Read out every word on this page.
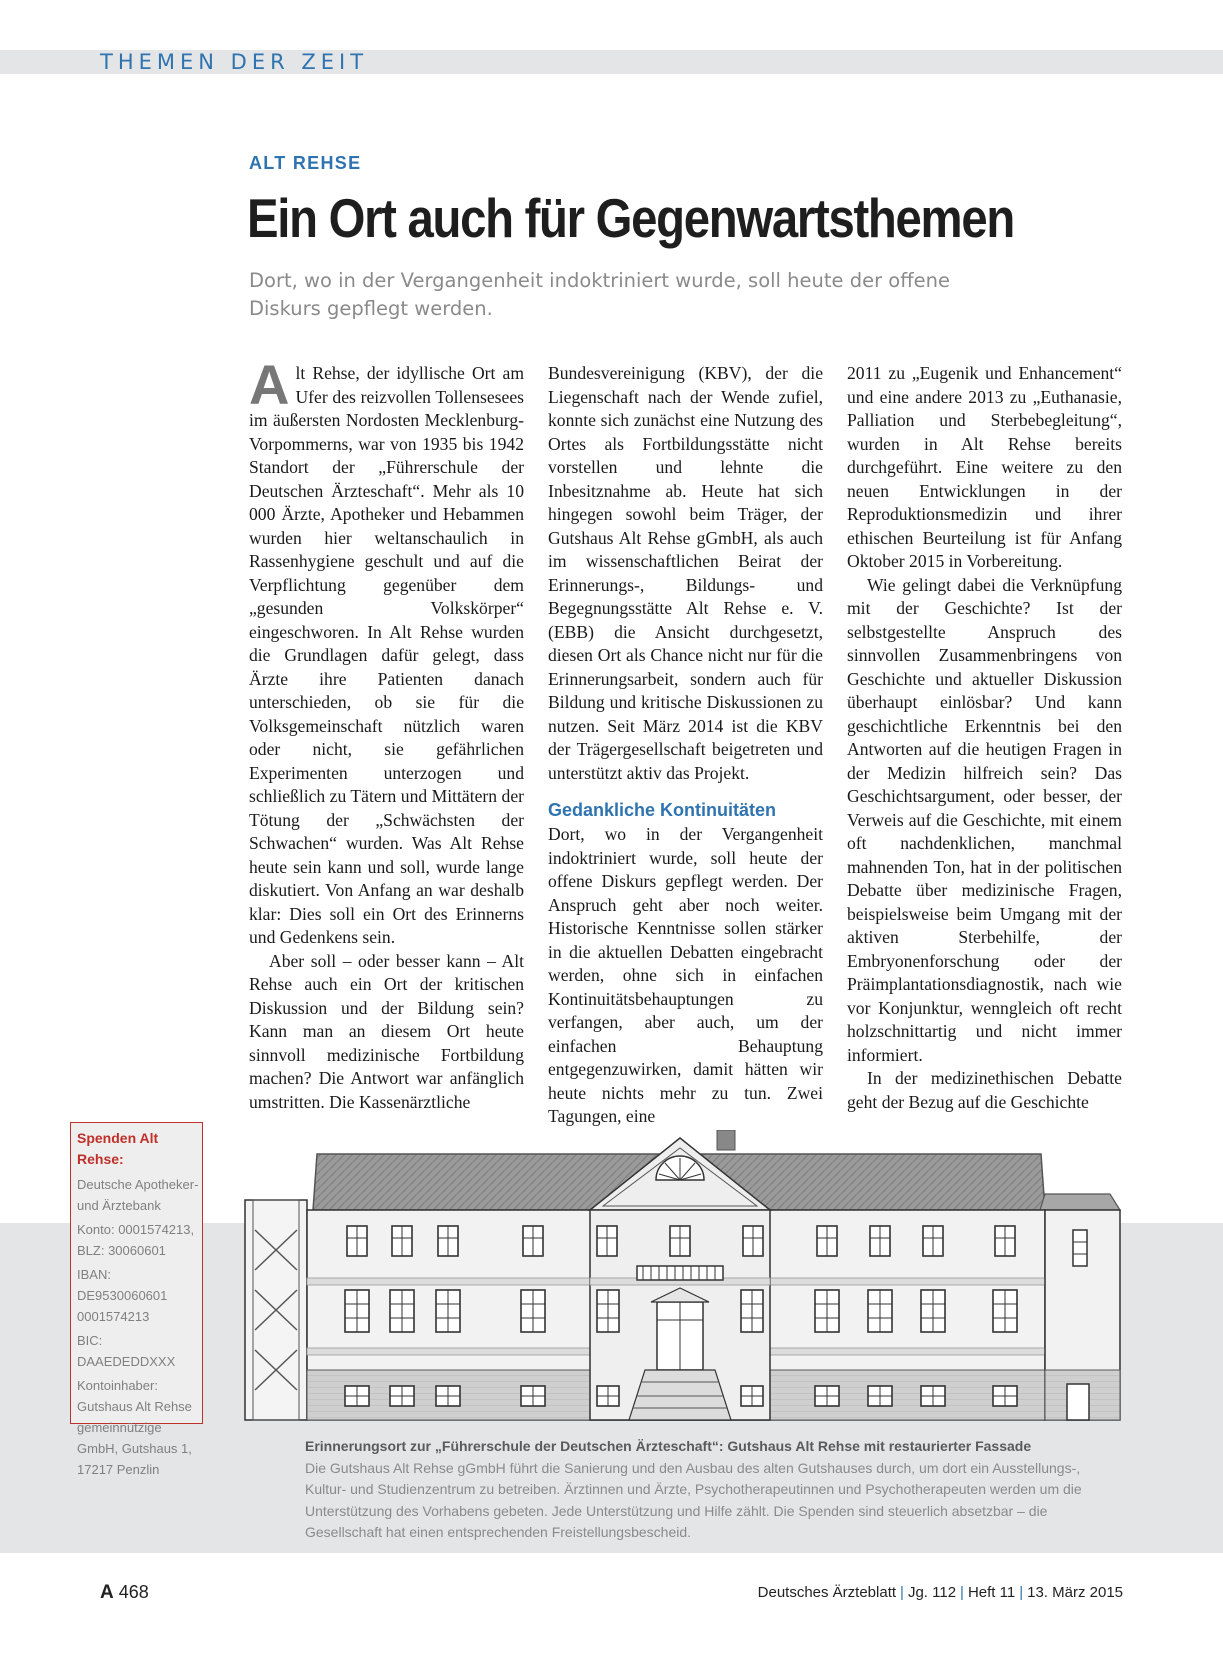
THEMEN DER ZEIT
ALT REHSE
Ein Ort auch für Gegenwartsthemen
Dort, wo in der Vergangenheit indoktriniert wurde, soll heute der offene Diskurs gepflegt werden.

Alt Rehse, der idyllische Ort am Ufer des reizvollen Tollensesees im äußersten Nordosten Mecklenburg-Vorpommerns, war von 1935 bis 1942 Standort der „Führerschule der Deutschen Ärzteschaft“. Mehr als 10 000 Ärzte, Apotheker und Hebammen wurden hier weltanschaulich in Rassenhygiene geschult und auf die Verpflichtung gegenüber dem „gesunden Volkskörper“ eingeschworen. In Alt Rehse wurden die Grundlagen dafür gelegt, dass Ärzte ihre Patienten danach unterschieden, ob sie für die Volksgemeinschaft nützlich waren oder nicht, sie gefährlichen Experimenten unterzogen und schließlich zu Tätern und Mittätern der Tötung der „Schwächsten der Schwachen“ wurden. Was Alt Rehse heute sein kann und soll, wurde lange diskutiert. Von Anfang an war deshalb klar: Dies soll ein Ort des Erinnerns und Gedenkens sein.

Aber soll – oder besser kann – Alt Rehse auch ein Ort der kritischen Diskussion und der Bildung sein? Kann man an diesem Ort heute sinnvoll medizinische Fortbildung machen? Die Antwort war anfänglich umstritten. Die Kassenärztliche

Bundesvereinigung (KBV), der die Liegenschaft nach der Wende zufiel, konnte sich zunächst eine Nutzung des Ortes als Fortbildungsstätte nicht vorstellen und lehnte die Inbesitznahme ab. Heute hat sich hingegen sowohl beim Träger, der Gutshaus Alt Rehse gGmbH, als auch im wissenschaftlichen Beirat der Erinnerungs-, Bildungs- und Begegnungsstätte Alt Rehse e. V. (EBB) die Ansicht durchgesetzt, diesen Ort als Chance nicht nur für die Erinnerungsarbeit, sondern auch für Bildung und kritische Diskussionen zu nutzen. Seit März 2014 ist die KBV der Trägergesellschaft beigetreten und unterstützt aktiv das Projekt.

Gedankliche Kontinuitäten

Dort, wo in der Vergangenheit indoktriniert wurde, soll heute der offene Diskurs gepflegt werden. Der Anspruch geht aber noch weiter. Historische Kenntnisse sollen stärker in die aktuellen Debatten eingebracht werden, ohne sich in einfachen Kontinuitätsbehauptungen zu verfangen, aber auch, um der einfachen Behauptung entgegenzuwirken, damit hätten wir heute nichts mehr zu tun. Zwei Tagungen, eine

2011 zu „Eugenik und Enhancement“ und eine andere 2013 zu „Euthanasie, Palliation und Sterbebegleitung“, wurden in Alt Rehse bereits durchgeführt. Eine weitere zu den neuen Entwicklungen in der Reproduktionsmedizin und ihrer ethischen Beurteilung ist für Anfang Oktober 2015 in Vorbereitung.

Wie gelingt dabei die Verknüpfung mit der Geschichte? Ist der selbstgestellte Anspruch des sinnvollen Zusammenbringens von Geschichte und aktueller Diskussion überhaupt einlösbar? Und kann geschichtliche Erkenntnis bei den Antworten auf die heutigen Fragen in der Medizin hilfreich sein? Das Geschichtsargument, oder besser, der Verweis auf die Geschichte, mit einem oft nachdenklichen, manchmal mahnenden Ton, hat in der politischen Debatte über medizinische Fragen, beispielsweise beim Umgang mit der aktiven Sterbehilfe, der Embryonenforschung oder der Präimplantationsdiagnostik, nach wie vor Konjunktur, wenngleich oft recht holzschnittartig und nicht immer informiert.

In der medizinethischen Debatte geht der Bezug auf die Geschichte

Spenden Alt Rehse:
Deutsche Apotheker- und Ärztebank
Konto: 0001574213, BLZ: 30060601
IBAN: DE9530060601 0001574213
BIC: DAAEDEDDXXX
Kontoinhaber: Gutshaus Alt Rehse gemeinnützige GmbH, Gutshaus 1, 17217 Penzlin
Erinnerungsort zur „Führerschule der Deutschen Ärzteschaft“: Gutshaus Alt Rehse mit restaurierter Fassade
Die Gutshaus Alt Rehse gGmbH führt die Sanierung und den Ausbau des alten Gutshauses durch, um dort ein Ausstellungs-, Kultur- und Studienzentrum zu betreiben. Ärztinnen und Ärzte, Psychotherapeutinnen und Psychotherapeuten werden um die Unterstützung des Vorhabens gebeten. Jede Unterstützung und Hilfe zählt. Die Spenden sind steuerlich absetzbar – die Gesellschaft hat einen entsprechenden Freistellungsbescheid.
A 468	Deutsches Ärzteblatt | Jg. 112 | Heft 11 | 13. März 2015
